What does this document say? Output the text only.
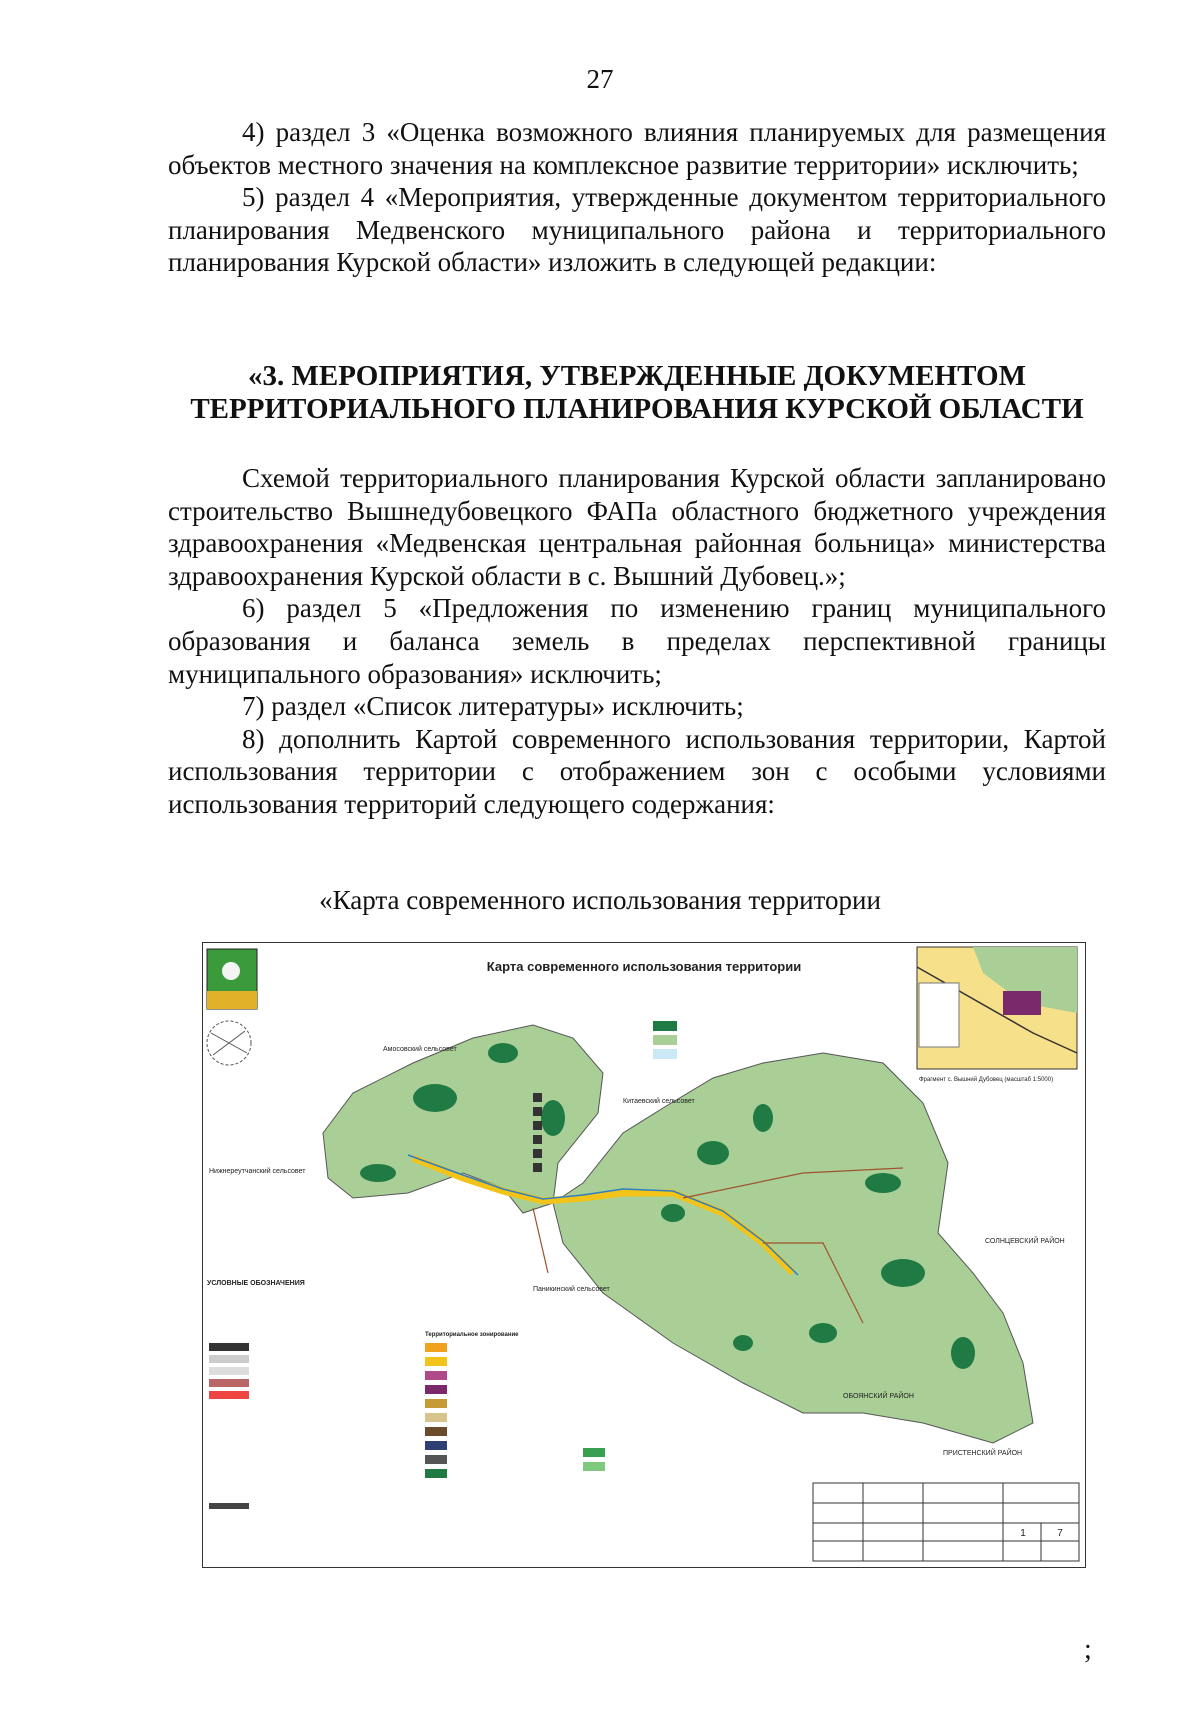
27

4) раздел 3 «Оценка возможного влияния планируемых для размещения объектов местного значения на комплексное развитие территории» исключить;

5) раздел 4 «Мероприятия, утвержденные документом территориального планирования Медвенского муниципального района и территориального планирования Курской области» изложить в следующей редакции:

«3. МЕРОПРИЯТИЯ, УТВЕРЖДЕННЫЕ ДОКУМЕНТОМ ТЕРРИТОРИАЛЬНОГО ПЛАНИРОВАНИЯ КУРСКОЙ ОБЛАСТИ

Схемой территориального планирования Курской области запланировано строительство Вышнедубовецкого ФАПа областного бюджетного учреждения здравоохранения «Медвенская центральная районная больница» министерства здравоохранения Курской области в с. Вышний Дубовец.»;

6) раздел 5 «Предложения по изменению границ муниципального образования и баланса земель в пределах перспективной границы муниципального образования» исключить;

7) раздел «Список литературы» исключить;

8) дополнить Картой современного использования территории, Картой использования территории с отображением зон с особыми условиями использования территорий следующего содержания:

«Карта современного использования территории
Карта современного использования территории
Амосовский сельсовет
Китаевский сельсовет
Нижнереутчанский сельсовет
Паникинский сельсовет
СОЛНЦЕВСКИЙ РАЙОН
ОБОЯНСКИЙ РАЙОН
ПРИСТЕНСКИЙ РАЙОН
Фрагмент с. Вышний Дубовец (масштаб 1:5000)
УСЛОВНЫЕ ОБОЗНАЧЕНИЯ
Территориальное зонирование
1	7
;
